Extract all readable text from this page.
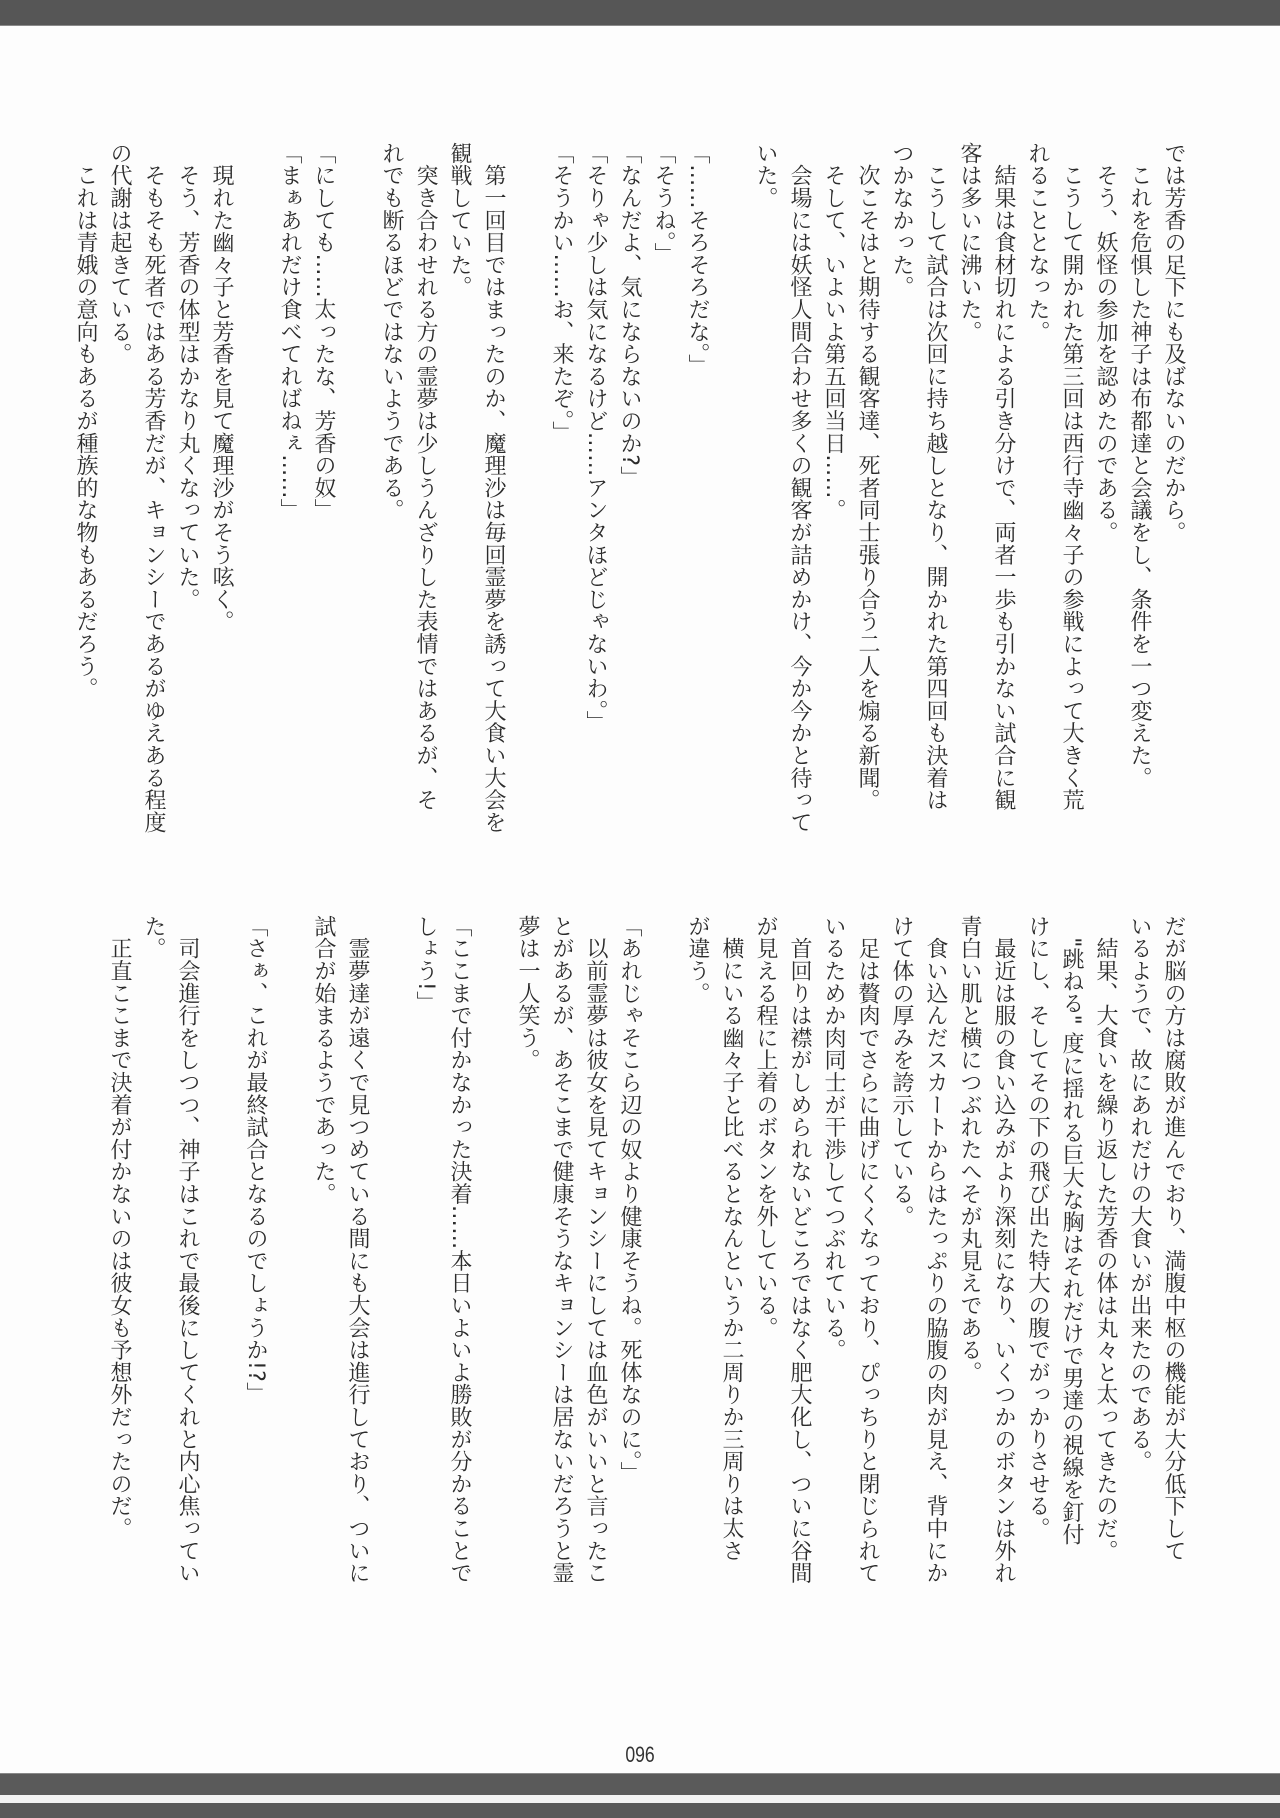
では芳香の足下にも及ばないのだから。
　これを危惧した神子は布都達と会議をし、条件を一つ変えた。
　そう、妖怪の参加を認めたのである。
　こうして開かれた第三回は西行寺幽々子の参戦によって大きく荒
れることとなった。
　結果は食材切れによる引き分けで、両者一歩も引かない試合に観
客は多いに沸いた。
　こうして試合は次回に持ち越しとなり、開かれた第四回も決着は
つかなかった。
　次こそはと期待する観客達、死者同士張り合う二人を煽る新聞。
　そして、いよいよ第五回当日……。
　会場には妖怪人間合わせ多くの観客が詰めかけ、今か今かと待って
いた。
「……そろそろだな。」
「そうね。」
「なんだよ、気にならないのか?」
「そりゃ少しは気になるけど……アンタほどじゃないわ。」
「そうかい……お、来たぞ。」
　第一回目ではまったのか、魔理沙は毎回霊夢を誘って大食い大会を
観戦していた。
　突き合わせれる方の霊夢は少しうんざりした表情ではあるが、そ
れでも断るほどではないようである。
「にしても……太ったな、芳香の奴」
「まぁあれだけ食べてればねぇ……」
　現れた幽々子と芳香を見て魔理沙がそう呟く。
　そう、芳香の体型はかなり丸くなっていた。
　そもそも死者ではある芳香だが、キョンシーであるがゆえある程度
の代謝は起きている。
　これは青娥の意向もあるが種族的な物もあるだろう。
だが脳の方は腐敗が進んでおり、満腹中枢の機能が大分低下して
いるようで、故にあれだけの大食いが出来たのである。
　結果、大食いを繰り返した芳香の体は丸々と太ってきたのだ。
　"跳ねる" 度に揺れる巨大な胸はそれだけで男達の視線を釘付
けにし、そしてその下の飛び出た特大の腹でがっかりさせる。
　最近は服の食い込みがより深刻になり、いくつかのボタンは外れ
青白い肌と横につぶれたへそが丸見えである。
　食い込んだスカートからはたっぷりの脇腹の肉が見え、背中にか
けて体の厚みを誇示している。
　足は贅肉でさらに曲げにくくなっており、ぴっちりと閉じられて
いるためか肉同士が干渉してつぶれている。
　首回りは襟がしめられないどころではなく肥大化し、ついに谷間
が見える程に上着のボタンを外している。
　横にいる幽々子と比べるとなんというか二周りか三周りは太さ
が違う。
「あれじゃそこら辺の奴より健康そうね。死体なのに。」
　以前霊夢は彼女を見てキョンシーにしては血色がいいと言ったこ
とがあるが、あそこまで健康そうなキョンシーは居ないだろうと霊
夢は一人笑う。
「ここまで付かなかった決着……本日いよいよ勝敗が分かることで
しょう!」
　霊夢達が遠くで見つめている間にも大会は進行しており、ついに
試合が始まるようであった。
「さぁ、これが最終試合となるのでしょうか!?」
　司会進行をしつつ、神子はこれで最後にしてくれと内心焦ってい
た。
　正直ここまで決着が付かないのは彼女も予想外だったのだ。
096
